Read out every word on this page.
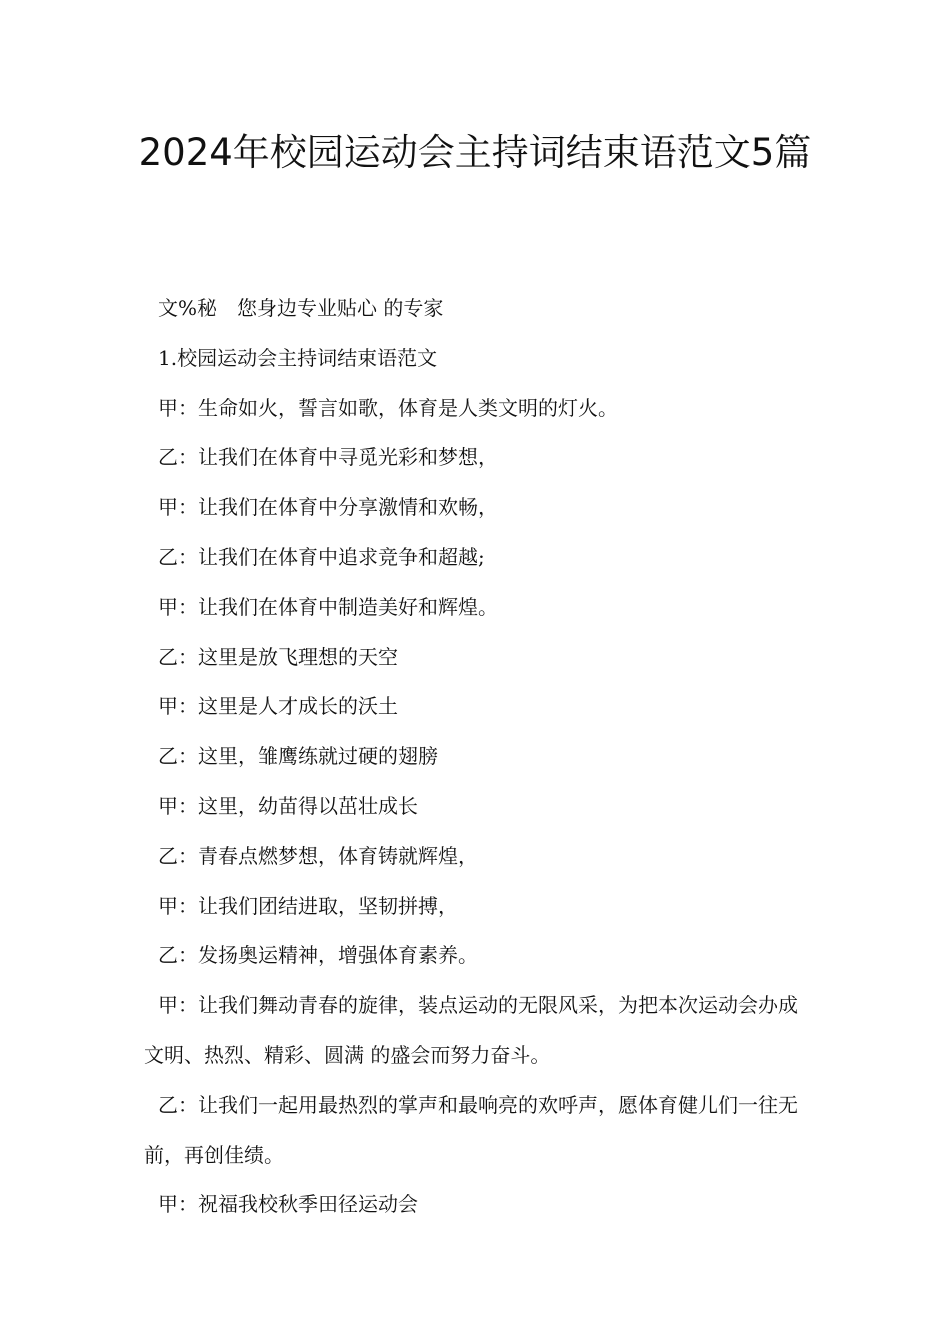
2024年校园运动会主持词结束语范文5篇

文%秘　您身边专业贴心 的专家

1.校园运动会主持词结束语范文

甲：生命如火，誓言如歌，体育是人类文明的灯火。

乙：让我们在体育中寻觅光彩和梦想，

甲：让我们在体育中分享激情和欢畅，

乙：让我们在体育中追求竞争和超越;

甲：让我们在体育中制造美好和辉煌。

乙：这里是放飞理想的天空

甲：这里是人才成长的沃土

乙：这里，雏鹰练就过硬的翅膀

甲：这里，幼苗得以茁壮成长

乙：青春点燃梦想，体育铸就辉煌，

甲：让我们团结进取，坚韧拼搏，

乙：发扬奥运精神，增强体育素养。

甲：让我们舞动青春的旋律，装点运动的无限风采，为把本次运动会办成 文明、热烈、精彩、圆满 的盛会而努力奋斗。

乙：让我们一起用最热烈的掌声和最响亮的欢呼声，愿体育健儿们一往无前，再创佳绩。

甲：祝福我校秋季田径运动会
